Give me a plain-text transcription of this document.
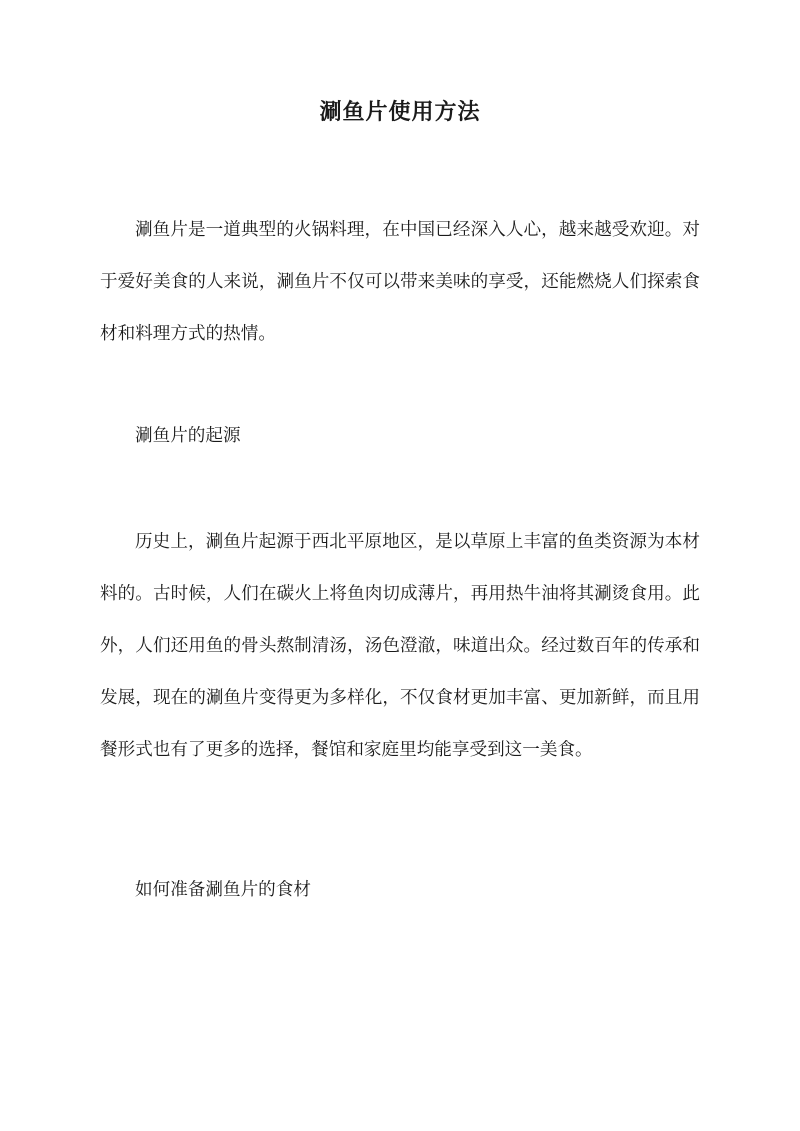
涮鱼片使用方法

涮鱼片是一道典型的火锅料理，在中国已经深入人心，越来越受欢迎。对于爱好美食的人来说，涮鱼片不仅可以带来美味的享受，还能燃烧人们探索食材和料理方式的热情。

涮鱼片的起源

历史上，涮鱼片起源于西北平原地区，是以草原上丰富的鱼类资源为本材料的。古时候，人们在碳火上将鱼肉切成薄片，再用热牛油将其涮烫食用。此外，人们还用鱼的骨头熬制清汤，汤色澄澈，味道出众。经过数百年的传承和发展，现在的涮鱼片变得更为多样化，不仅食材更加丰富、更加新鲜，而且用餐形式也有了更多的选择，餐馆和家庭里均能享受到这一美食。

如何准备涮鱼片的食材
